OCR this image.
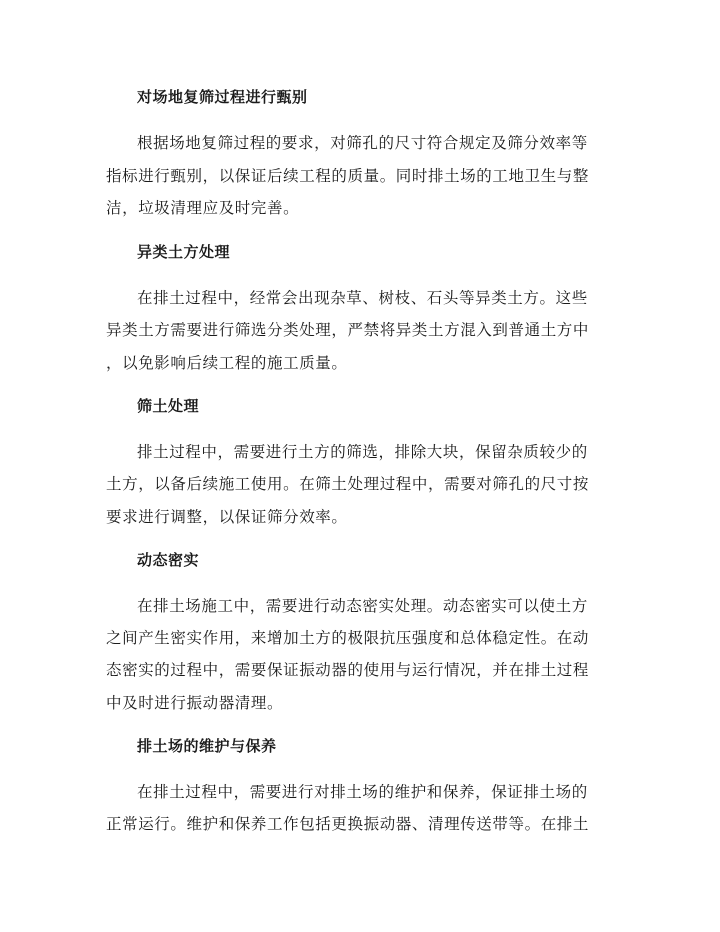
对场地复筛过程进行甄别
根据场地复筛过程的要求，对筛孔的尺寸符合规定及筛分效率等
指标进行甄别，以保证后续工程的质量。同时排土场的工地卫生与整
洁，垃圾清理应及时完善。
异类土方处理
在排土过程中，经常会出现杂草、树枝、石头等异类土方。这些
异类土方需要进行筛选分类处理，严禁将异类土方混入到普通土方中
，以免影响后续工程的施工质量。
筛土处理
排土过程中，需要进行土方的筛选，排除大块，保留杂质较少的
土方，以备后续施工使用。在筛土处理过程中，需要对筛孔的尺寸按
要求进行调整，以保证筛分效率。
动态密实
在排土场施工中，需要进行动态密实处理。动态密实可以使土方
之间产生密实作用，来增加土方的极限抗压强度和总体稳定性。在动
态密实的过程中，需要保证振动器的使用与运行情况，并在排土过程
中及时进行振动器清理。
排土场的维护与保养
在排土过程中，需要进行对排土场的维护和保养，保证排土场的
正常运行。维护和保养工作包括更换振动器、清理传送带等。在排土
